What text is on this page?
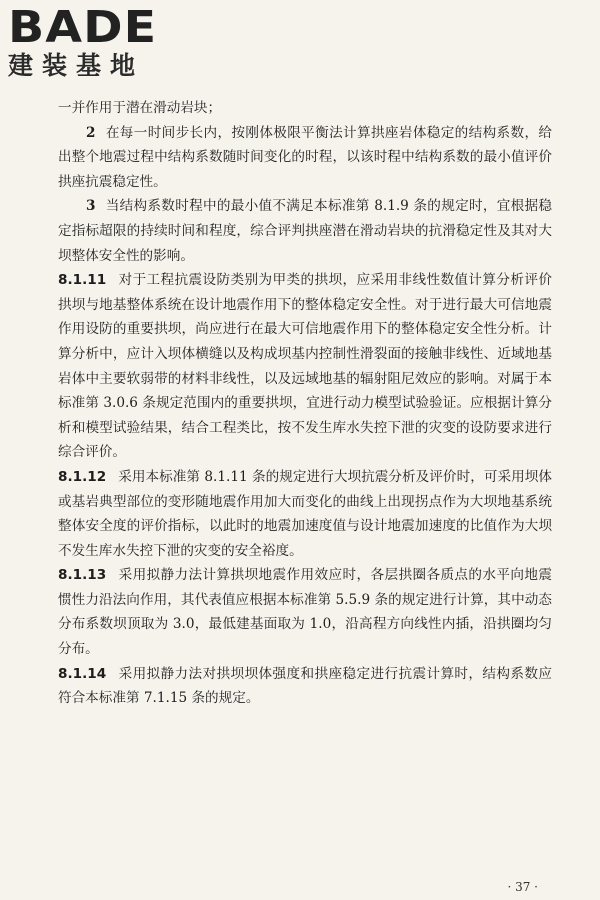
BADE
建装基地

一并作用于潜在滑动岩块；

2 在每一时间步长内，按刚体极限平衡法计算拱座岩体稳定的结构系数，给出整个地震过程中结构系数随时间变化的时程，以该时程中结构系数的最小值评价拱座抗震稳定性。

3 当结构系数时程中的最小值不满足本标准第 8.1.9 条的规定时，宜根据稳定指标超限的持续时间和程度，综合评判拱座潜在滑动岩块的抗滑稳定性及其对大坝整体安全性的影响。

8.1.11 对于工程抗震设防类别为甲类的拱坝，应采用非线性数值计算分析评价拱坝与地基整体系统在设计地震作用下的整体稳定安全性。对于进行最大可信地震作用设防的重要拱坝，尚应进行在最大可信地震作用下的整体稳定安全性分析。计算分析中，应计入坝体横缝以及构成坝基内控制性滑裂面的接触非线性、近域地基岩体中主要软弱带的材料非线性，以及远域地基的辐射阻尼效应的影响。对属于本标准第 3.0.6 条规定范围内的重要拱坝，宜进行动力模型试验验证。应根据计算分析和模型试验结果，结合工程类比，按不发生库水失控下泄的灾变的设防要求进行综合评价。

8.1.12 采用本标准第 8.1.11 条的规定进行大坝抗震分析及评价时，可采用坝体或基岩典型部位的变形随地震作用加大而变化的曲线上出现拐点作为大坝地基系统整体安全度的评价指标，以此时的地震加速度值与设计地震加速度的比值作为大坝不发生库水失控下泄的灾变的安全裕度。

8.1.13 采用拟静力法计算拱坝地震作用效应时，各层拱圈各质点的水平向地震惯性力沿法向作用，其代表值应根据本标准第 5.5.9 条的规定进行计算，其中动态分布系数坝顶取为 3.0，最低建基面取为 1.0，沿高程方向线性内插，沿拱圈均匀分布。

8.1.14 采用拟静力法对拱坝坝体强度和拱座稳定进行抗震计算时，结构系数应符合本标准第 7.1.15 条的规定。

· 37 ·
